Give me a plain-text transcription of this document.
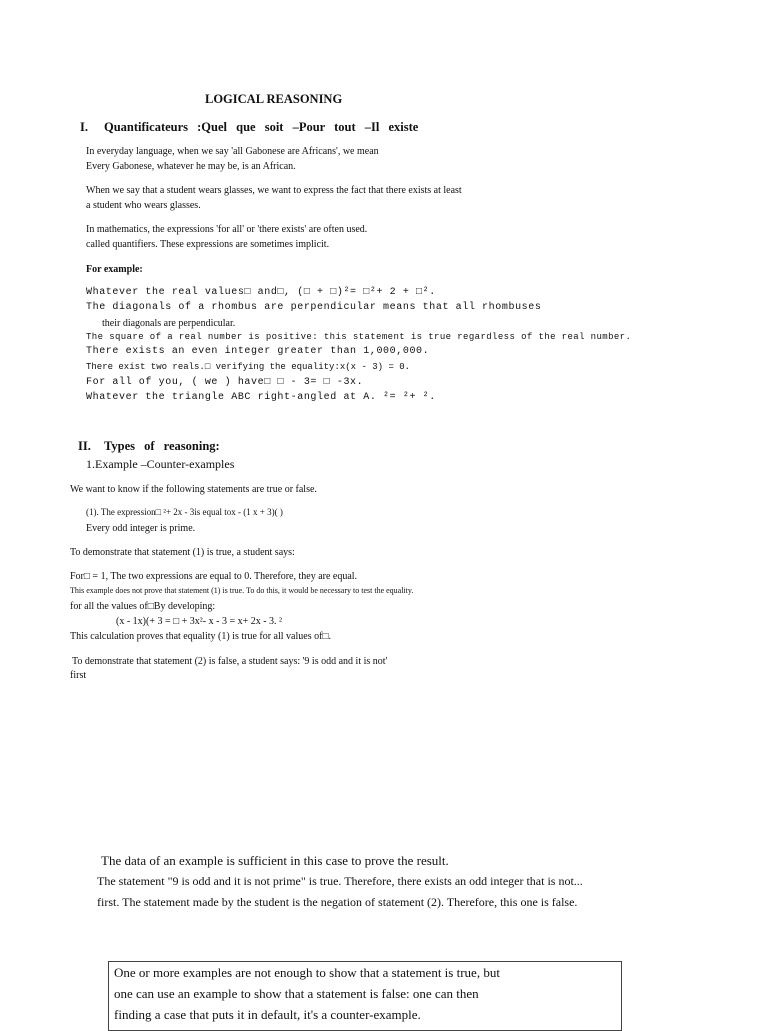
LOGICAL REASONING
I. Quantificateurs :Quel que soit –Pour tout –Il existe
In everyday language, when we say 'all Gabonese are Africans', we mean
Every Gabonese, whatever he may be, is an African.
When we say that a student wears glasses, we want to express the fact that there exists at least
a student who wears glasses.
In mathematics, the expressions 'for all' or 'there exists' are often used.
called quantifiers. These expressions are sometimes implicit.
For example:
Whatever the real values□ and□, (□ + □)²= □²+ 2 + □².
The diagonals of a rhombus are perpendicular means that all rhombuses
their diagonals are perpendicular.
The square of a real number is positive: this statement is true regardless of the real number.
There exists an even integer greater than 1,000,000.
There exist two reals.□ verifying the equality:x(x - 3) = 0.
For all of you, ( we ) have□ □ - 3= □ -3x.
Whatever the triangle ABC right-angled at A. ²= ²+ ².
II. Types of reasoning:
1.Example –Counter-examples
We want to know if the following statements are true or false.
(1). The expression□ ²+ 2x - 3is equal tox - (1 x + 3)( )
Every odd integer is prime.
To demonstrate that statement (1) is true, a student says:
For□ = 1, The two expressions are equal to 0. Therefore, they are equal.
This example does not prove that statement (1) is true. To do this, it would be necessary to test the equality.
for all the values of□By developing:
(x - 1x)(+ 3 = □ + 3x²- x - 3 = x+ 2x - 3. ²
This calculation proves that equality (1) is true for all values of□.
To demonstrate that statement (2) is false, a student says: '9 is odd and it is not'
first
The data of an example is sufficient in this case to prove the result.
The statement "9 is odd and it is not prime" is true. Therefore, there exists an odd integer that is not...
first. The statement made by the student is the negation of statement (2). Therefore, this one is false.
One or more examples are not enough to show that a statement is true, but
one can use an example to show that a statement is false: one can then
finding a case that puts it in default, it's a counter-example.
